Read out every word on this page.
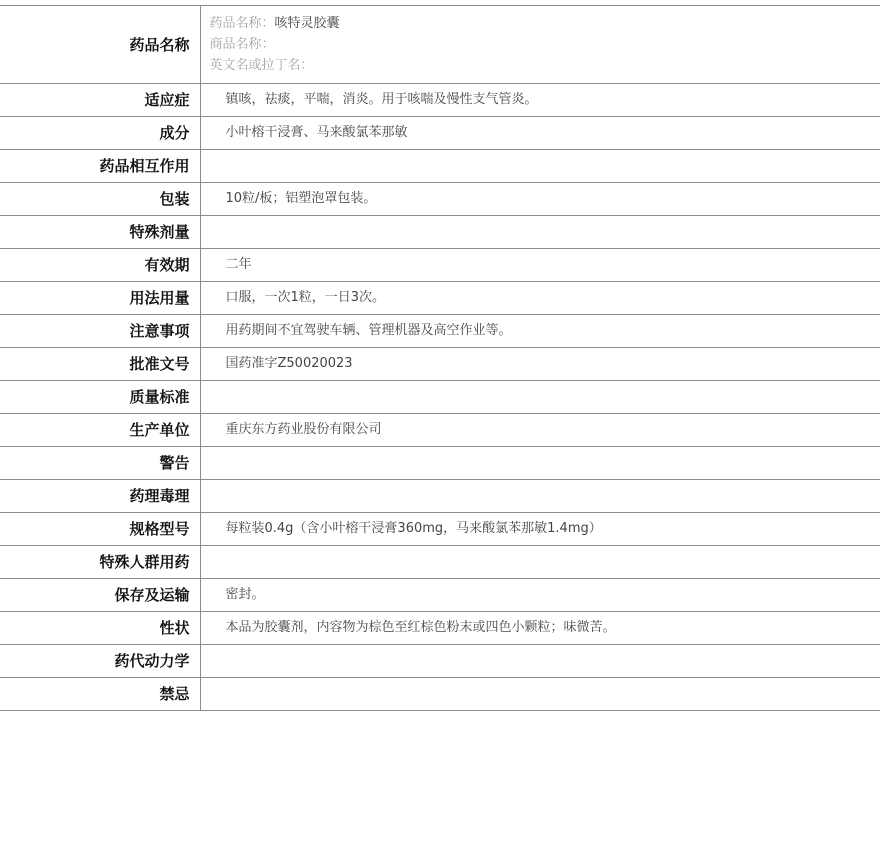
药品名称	药品名称：咳特灵胶囊
商品名称：
英文名或拉丁名：

适应症	镇咳，祛痰，平喘，消炎。用于咳喘及慢性支气管炎。
成分	小叶榕干浸膏、马来酸氯苯那敏
药品相互作用	
包装	10粒/板；铝塑泡罩包装。
特殊剂量	
有效期	二年
用法用量	口服，一次1粒，一日3次。
注意事项	用药期间不宜驾驶车辆、管理机器及高空作业等。
批准文号	国药准字Z50020023
质量标准	
生产单位	重庆东方药业股份有限公司
警告	
药理毒理	
规格型号	每粒装0.4g（含小叶榕干浸膏360mg，马来酸氯苯那敏1.4mg）
特殊人群用药	
保存及运输	密封。
性状	本品为胶囊剂，内容物为棕色至红棕色粉末或四色小颗粒；味微苦。
药代动力学	
禁忌	
